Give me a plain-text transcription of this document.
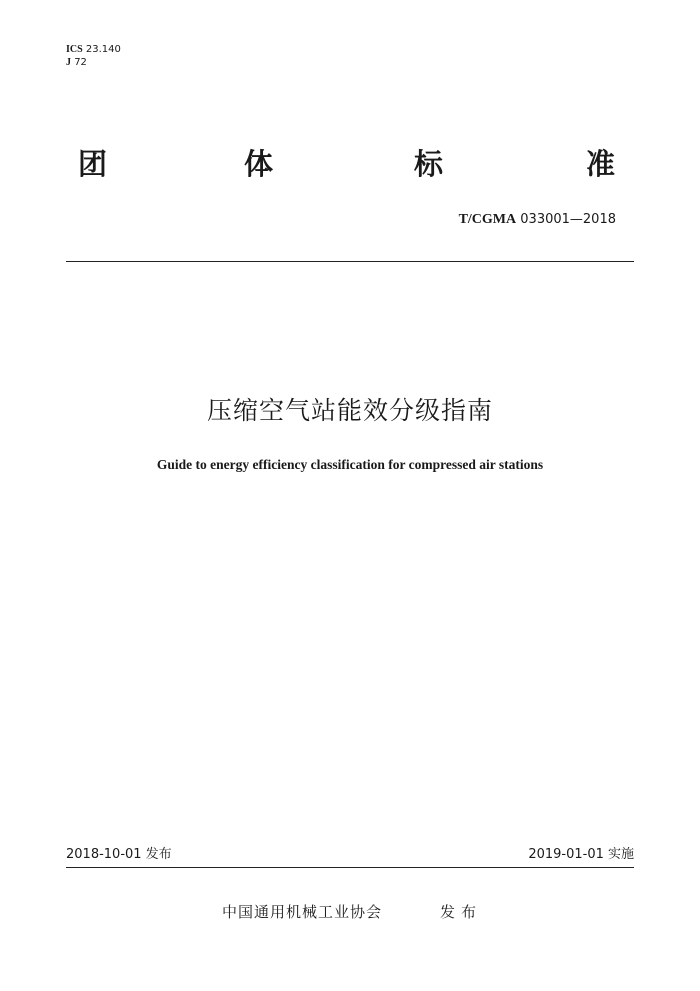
ICS 23.140
J 72
团	体	标	准
T/CGMA 033001—2018
压缩空气站能效分级指南
Guide to energy efficiency classification for compressed air stations
2018-10-01 发布	2019-01-01 实施
中国通用机械工业协会	发布
